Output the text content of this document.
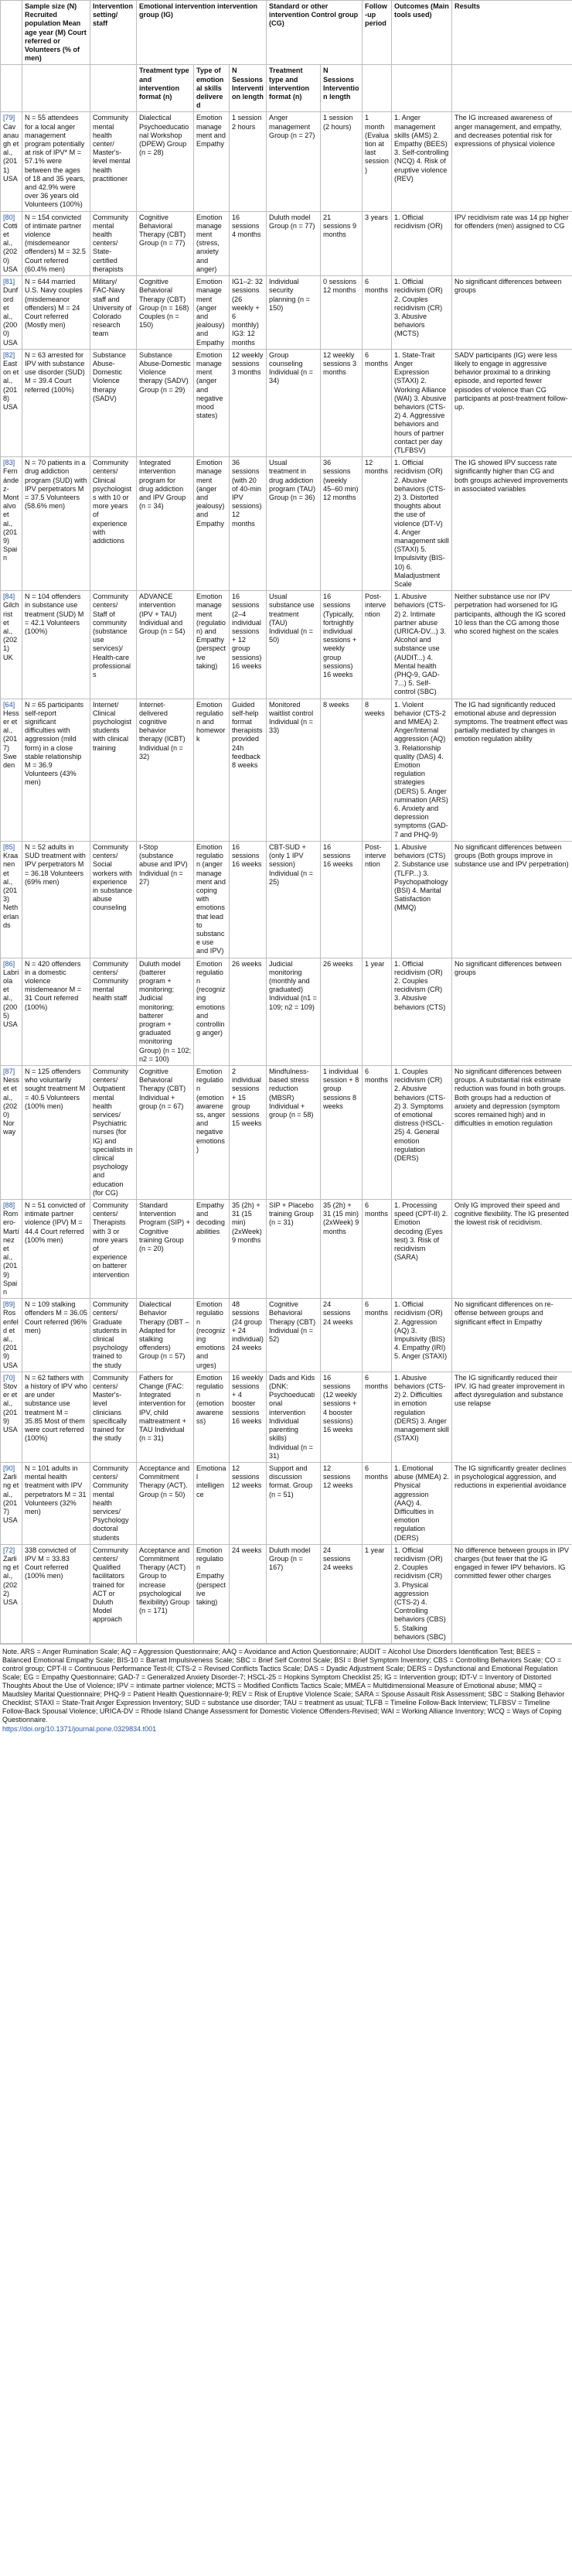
	Sample size (N) Recruited population Mean age year (M) Court referred or Volunteers (% of men)	Intervention setting/ staff	Emotional intervention intervention group (IG)			Standard or other intervention Control group (CG)		Follow-up period	Outcomes (Main tools used)	Results
			Treatment type and intervention format (n)	Type of emotional skills delivered	N Sessions Intervention length	Treatment type and intervention format (n)	N Sessions Intervention length			
[79] Cavanaugh et al., (2011) USA	N = 55 attendees for a local anger management program potentially at risk of IPV* M = 57.1% were between the ages of 18 and 35 years, and 42.9% were over 36 years old Volunteers (100%)	Community mental health center/ Master's-level mental health practitioner	Dialectical Psychoeducational Workshop (DPEW) Group (n = 28)	Emotion management and Empathy	1 session 2 hours	Anger management Group (n = 27)	1 session (2 hours)	1 month (Evaluation at last session)	1. Anger management skills (AMS) 2. Empathy (BEES) 3. Self-controlling (NCQ) 4. Risk of eruptive violence (REV)	The IG increased awareness of anger management, and empathy, and decreases potential risk for expressions of physical violence
[80] Cotti et al., (2020) USA	N = 154 convicted of intimate partner violence (misdemeanor offenders) M = 32.5 Court referred (60.4% men)	Community mental health centers/ State-certified therapists	Cognitive Behavioral Therapy (CBT) Group (n = 77)	Emotion management (stress, anxiety and anger)	16 sessions 4 months	Duluth model Group (n = 77)	21 sessions 9 months	3 years	1. Official recidivism (OR)	IPV recidivism rate was 14 pp higher for offenders (men) assigned to CG
[81] Dunford et al., (2000) USA	N = 644 married U.S. Navy couples (misdemeanor offenders) M = 24 Court referred (Mostly men)	Military/ FAC-Navy staff and University of Colorado research team	Cognitive Behavioral Therapy (CBT) Group (n = 168) Couples (n = 150)	Emotion management (anger and jealousy) and Empathy	IG1–2: 32 sessions (26 weekly + 6 monthly) IG3: 12 months	Individual security planning (n = 150)	0 sessions 12 months	6 months	1. Official recidivism (OR) 2. Couples recidivism (CR) 3. Abusive behaviors (MCTS)	No significant differences between groups
[82] Easton et al., (2018) USA	N = 63 arrested for IPV with substance use disorder (SUD) M = 39.4 Court referred (100%)	Substance Abuse-Domestic Violence therapy (SADV)	Substance Abuse-Domestic Violence therapy (SADV) Group (n = 29)	Emotion management (anger and negative mood states)	12 weekly sessions 3 months	Group counseling Individual (n = 34)	12 weekly sessions 3 months	6 months	1. State-Trait Anger Expression (STAXI) 2. Working Alliance (WAI) 3. Abusive behaviors (CTS-2) 4. Aggressive behaviors and hours of partner contact per day (TLFBSV)	SADV participants (IG) were less likely to engage in aggressive behavior proximal to a drinking episode, and reported fewer episodes of violence than CG participants at post-treatment follow-up.
[83] Fernández-Montalvo et al., (2019) Spain	N = 70 patients in a drug addiction program (SUD) with IPV perpetrators M = 37.5 Volunteers (58.6% men)	Community centers/ Clinical psychologists with 10 or more years of experience with addictions	Integrated intervention program for drug addiction and IPV Group (n = 34)	Emotion management (anger and jealousy) and Empathy	36 sessions (with 20 of 40-min IPV sessions) 12 months	Usual treatment in drug addiction program (TAU) Group (n = 36)	36 sessions (weekly 45–60 min) 12 months	12 months	1. Official recidivism (OR) 2. Abusive behaviors (CTS-2) 3. Distorted thoughts about the use of violence (DT-V) 4. Anger management skill (STAXI) 5. Impulsivity (BIS-10) 6. Maladjustment Scale	The IG showed IPV success rate significantly higher than CG and both groups achieved improvements in associated variables
[84] Gilchrist et al., (2021) UK	N = 104 offenders in substance use treatment (SUD) M = 42.1 Volunteers (100%)	Community centers/ Staff of community (substance use services)/ Health-care professionals	ADVANCE intervention (IPV + TAU) Individual and Group (n = 54)	Emotion management (regulation) and Empathy (perspective taking)	16 sessions (2–4 individual sessions + 12 group sessions) 16 weeks	Usual substance use treatment (TAU) Individual (n = 50)	16 sessions (Typically, fortnightly individual sessions + weekly group sessions) 16 weeks	Post-intervention	1. Abusive behaviors (CTS-2) 2. Intimate partner abuse (URICA-DV...) 3. Alcohol and substance use (AUDIT...) 4. Mental health (PHQ-9, GAD-7...) 5. Self-control (SBC)	Neither substance use nor IPV perpetration had worsened for IG participants, although the IG scored 10 less than the CG among those who scored highest on the scales
[64] Hesser et al., (2017) Sweden	N = 65 participants self-report significant difficulties with aggression (mild form) in a close stable relationship M = 36.9 Volunteers (43% men)	Internet/ Clinical psychologist students with clinical training	Internet-delivered cognitive behavior therapy (ICBT) Individual (n = 32)	Emotion regulation and homework	Guided self-help format therapists provided 24h feedback 8 weeks	Monitored waitlist control Individual (n = 33)	8 weeks	8 weeks	1. Violent behavior (CTS-2 and MMEA) 2. Anger/Internal aggression (AQ) 3. Relationship quality (DAS) 4. Emotion regulation strategies (DERS) 5. Anger rumination (ARS) 6. Anxiety and depression symptoms (GAD-7 and PHQ-9)	The IG had significantly reduced emotional abuse and depression symptoms. The treatment effect was partially mediated by changes in emotion regulation ability
[85] Kraanen et al., (2013) Netherlands	N = 52 adults in SUD treatment with IPV perpetrators M = 36.18 Volunteers (69% men)	Community centers/ Social workers with experience in substance abuse counseling	I-Stop (substance abuse and IPV) Individual (n = 27)	Emotion regulation (anger management and coping with emotions that lead to substance use and IPV)	16 sessions 16 weeks	CBT-SUD + (only 1 IPV session) Individual (n = 25)	16 sessions 16 weeks	Post-intervention	1. Abusive behaviors (CTS) 2. Substance use (TLFP...) 3. Psychopathology (BSI) 4. Marital Satisfaction (MMQ)	No significant differences between groups (Both groups improve in substance use and IPV perpetration)
[86] Labriola et al., (2005) USA	N = 420 offenders in a domestic violence misdemeanor M = 31 Court referred (100%)	Community centers/ Community mental health staff	Duluth model (batterer program + monitoring; Judicial monitoring; batterer program + graduated monitoring Group) (n = 102; n2 = 100)	Emotion regulation (recognizing emotions and controlling anger)	26 weeks	Judicial monitoring (monthly and graduated) Individual (n1 = 109; n2 = 109)	26 weeks	1 year	1. Official recidivism (OR) 2. Couples recidivism (CR) 3. Abusive behaviors (CTS)	No significant differences between groups
[87] Nesset et al., (2020) Norway	N = 125 offenders who voluntarily sought treatment M = 40.5 Volunteers (100% men)	Community centers/ Outpatient mental health services/ Psychiatric nurses (for IG) and specialists in clinical psychology and education (for CG)	Cognitive Behavioral Therapy (CBT) Individual + group (n = 67)	Emotion regulation (emotion awareness, anger and negative emotions)	2 individual sessions + 15 group sessions 15 weeks	Mindfulness-based stress reduction (MBSR) Individual + group (n = 58)	1 individual session + 8 group sessions 8 weeks	6 months	1. Couples recidivism (CR) 2. Abusive behaviors (CTS-2) 3. Symptoms of emotional distress (HSCL-25) 4. General emotion regulation (DERS)	No significant differences between groups. A substantial risk estimate reduction was found in both groups. Both groups had a reduction of anxiety and depression (symptom scores remained high) and in difficulties in emotion regulation
[88] Romero-Martínez et al., (2019) Spain	N = 51 convicted of intimate partner violence (IPV) M = 44.4 Court referred (100% men)	Community centers/ Therapists with 3 or more years of experience on batterer intervention	Standard Intervention Program (SIP) + Cognitive training Group (n = 20)	Empathy and decoding abilities	35 (2h) + 31 (15 min) (2xWeek) 9 months	SIP + Placebo training Group (n = 31)	35 (2h) + 31 (15 min) (2xWeek) 9 months	6 months	1. Processing speed (CPT-II) 2. Emotion decoding (Eyes test) 3. Risk of recidivism (SARA)	Only IG improved their speed and cognitive flexibility. The IG presented the lowest risk of recidivism.
[89] Rosenfeld et al., (2019) USA	N = 109 stalking offenders M = 36.05 Court referred (96% men)	Community centers/ Graduate students in clinical psychology trained to the study	Dialectical Behavior Therapy (DBT – Adapted for stalking offenders) Group (n = 57)	Emotion regulation (recognizing emotions and urges)	48 sessions (24 group + 24 individual) 24 weeks	Cognitive Behavioral Therapy (CBT) Individual (n = 52)	24 sessions 24 weeks	6 months	1. Official recidivism (OR) 2. Aggression (AQ) 3. Impulsivity (BIS) 4. Empathy (IRI) 5. Anger (STAXI)	No significant differences on re-offense between groups and significant effect in Empathy
[70] Stover et al., (2019) USA	N = 62 fathers with a history of IPV who are under substance use treatment M = 35.85 Most of them were court referred (100%)	Community centers/ Master's-level clinicians specifically trained for the study	Fathers for Change (FAC: Integrated intervention for IPV, child maltreatment + TAU Individual (n = 31)	Emotion regulation (emotion awareness)	16 weekly sessions + 4 booster sessions 16 weeks	Dads and Kids (DNK: Psychoeducational intervention Individual parenting skills) Individual (n = 31)	16 sessions (12 weekly sessions + 4 booster sessions) 16 weeks	6 months	1. Abusive behaviors (CTS-2) 2. Difficulties in emotion regulation (DERS) 3. Anger management skill (STAXI)	The IG significantly reduced their IPV. IG had greater improvement in affect dysregulation and substance use relapse
[90] Zarling et al., (2017) USA	N = 101 adults in mental health treatment with IPV perpetrators M = 31 Volunteers (32% men)	Community centers/ Community mental health services/ Psychology doctoral students	Acceptance and Commitment Therapy (ACT). Group (n = 50)	Emotional intelligence	12 sessions 12 weeks	Support and discussion format. Group (n = 51)	12 sessions 12 weeks	6 months	1. Emotional abuse (MMEA) 2. Physical aggression (AAQ) 4. Difficulties in emotion regulation (DERS)	The IG significantly greater declines in psychological aggression, and reductions in experiential avoidance
[72] Zarling et al., (2022) USA	338 convicted of IPV M = 33.83 Court referred (100% men)	Community centers/ Qualified facilitators trained for ACT or Duluth Model approach	Acceptance and Commitment Therapy (ACT) Group to increase psychological flexibility) Group (n = 171)	Emotion regulation Empathy (perspective taking)	24 weeks	Duluth model Group (n = 167)	24 sessions 24 weeks	1 year	1. Official recidivism (OR) 2. Couples recidivism (CR) 3. Physical aggression (CTS-2) 4. Controlling behaviors (CBS) 5. Stalking behaviors (SBC)	No difference between groups in IPV charges (but fewer that the IG engaged in fewer IPV behaviors. IG committed fewer other charges
Note. ARS = Anger Rumination Scale; AQ = Aggression Questionnaire; AAQ = Avoidance and Action Questionnaire; AUDIT = Alcohol Use Disorders Identification Test; BEES = Balanced Emotional Empathy Scale; BIS-10 = Barratt Impulsiveness Scale; SBC = Brief Self Control Scale; BSI = Brief Symptom Inventory; CBS = Controlling Behaviors Scale; CO = control group; CPT-II = Continuous Performance Test-II; CTS-2 = Revised Conflicts Tactics Scale; DAS = Dyadic Adjustment Scale; DERS = Dysfunctional and Emotional Regulation Scale; EG = Empathy Questionnaire; GAD-7 = Generalized Anxiety Disorder-7; HSCL-25 = Hopkins Symptom Checklist 25; IG = Intervention group; IDT-V = Inventory of Distorted Thoughts About the Use of Violence; IPV = intimate partner violence; MCTS = Modified Conflicts Tactics Scale; MMEA = Multidimensional Measure of Emotional abuse; MMQ = Maudsley Marital Questionnaire; PHQ-9 = Patient Health Questionnaire-9; REV = Risk of Eruptive Violence Scale; SARA = Spouse Assault Risk Assessment; SBC = Stalking Behavior Checklist; STAXI = State-Trait Anger Expression Inventory; SUD = substance use disorder; TAU = treatment as usual; TLFB = Timeline Follow-Back Interview; TLFBSV = Timeline Follow-Back Spousal Violence; URICA-DV = Rhode Island Change Assessment for Domestic Violence Offenders-Revised; WAI = Working Alliance Inventory; WCQ = Ways of Coping Questionnaire.
https://doi.org/10.1371/journal.pone.0329834.t001
